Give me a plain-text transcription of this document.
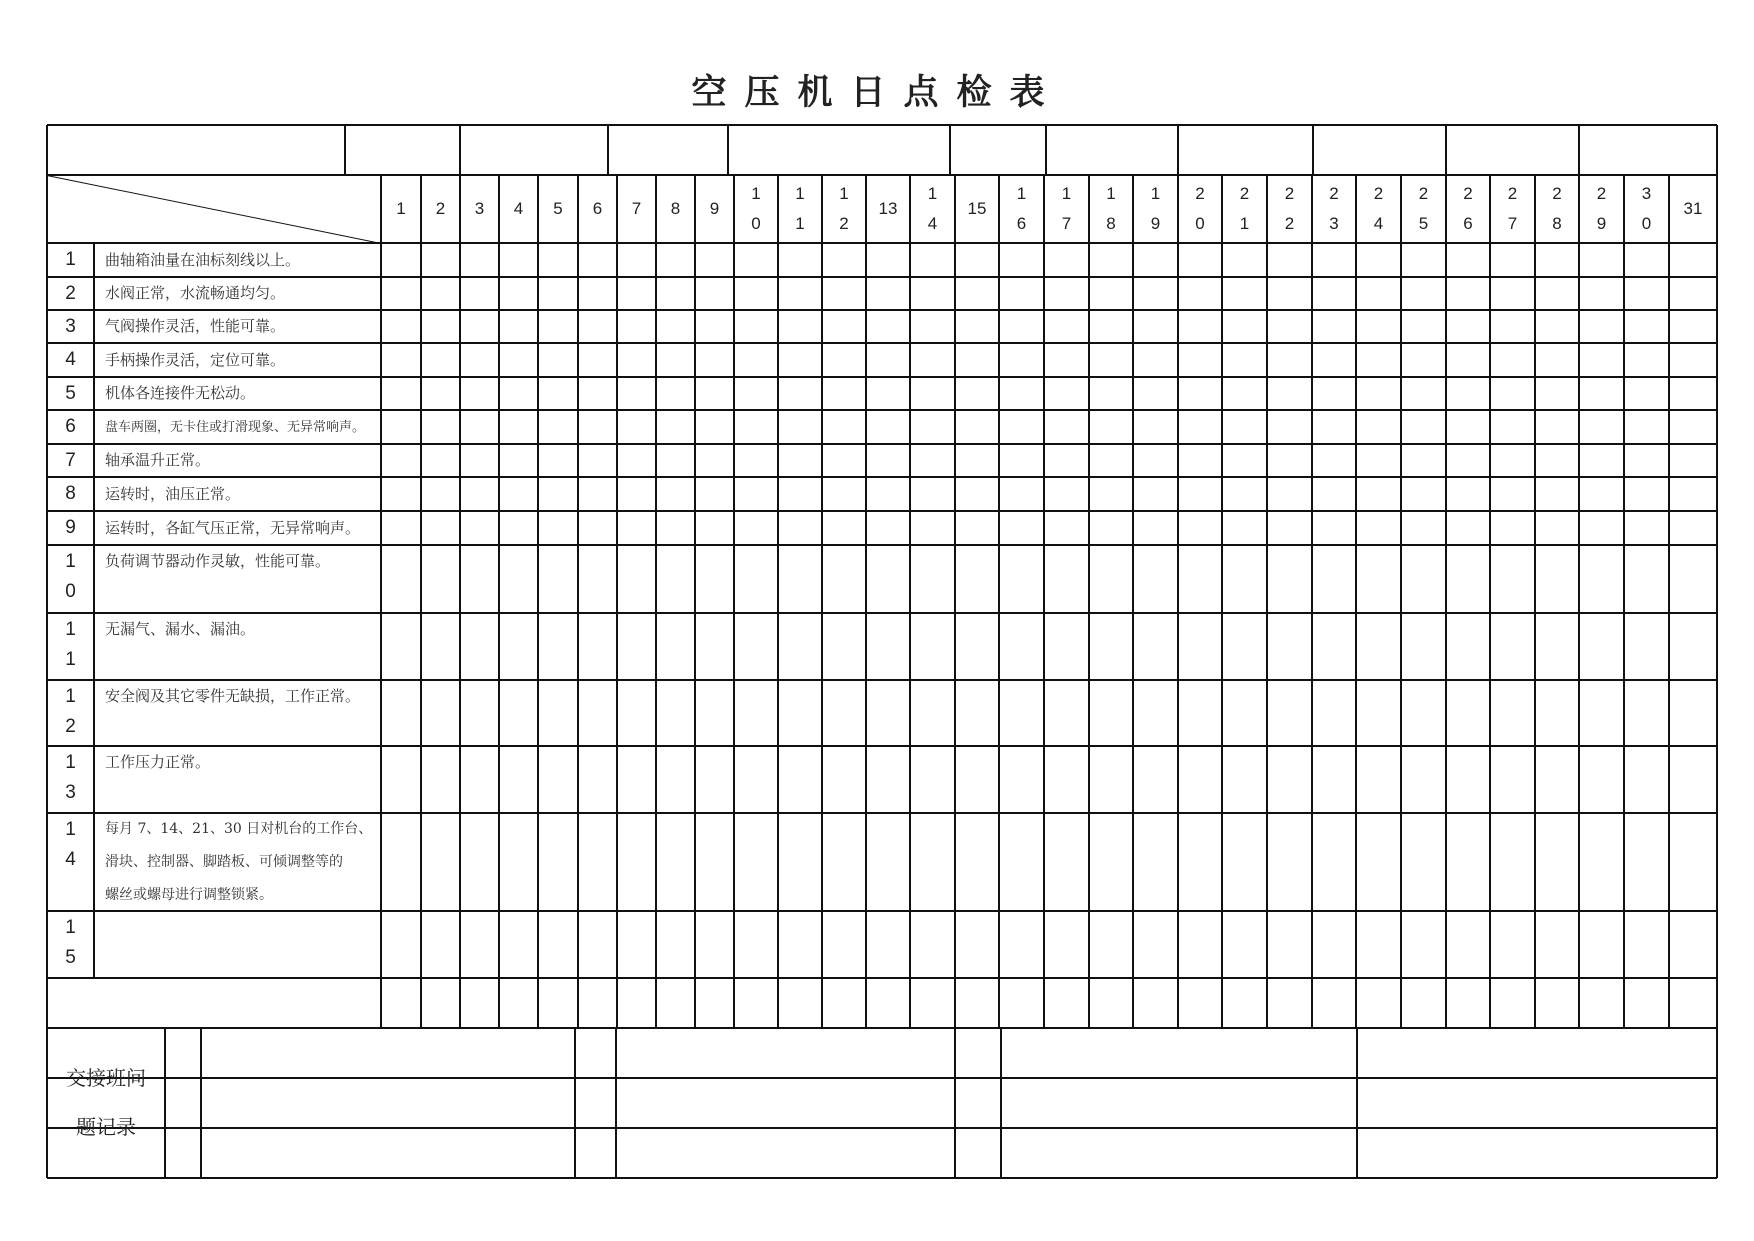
空压机日点检表
1 2 3 4 5 6 7 8 9
1
0
1
1
1
2
13
1
4
15
1
6
1
7
1
8
1
9
2
0
2
1
2
2
2
3
2
4
2
5
2
6
2
7
2
8
2
9
3
0
31
1 曲轴箱油量在油标刻线以上。
2 水阀正常，水流畅通均匀。
3 气阀操作灵活，性能可靠。
4 手柄操作灵活，定位可靠。
5 机体各连接件无松动。
6 盘车两圈，无卡住或打滑现象、无异常响声。
7 轴承温升正常。
8 运转时，油压正常。
9 运转时，各缸气压正常，无异常响声。
1
0
负荷调节器动作灵敏，性能可靠。
1
1
无漏气、漏水、漏油。
1
2
安全阀及其它零件无缺损，工作正常。
1
3
工作压力正常。
1
4
每月 7、14、21、30 日对机台的工作台、
滑块、控制器、脚踏板、可倾调整等的
螺丝或螺母进行调整锁紧。
1
5
交接班问
题记录
